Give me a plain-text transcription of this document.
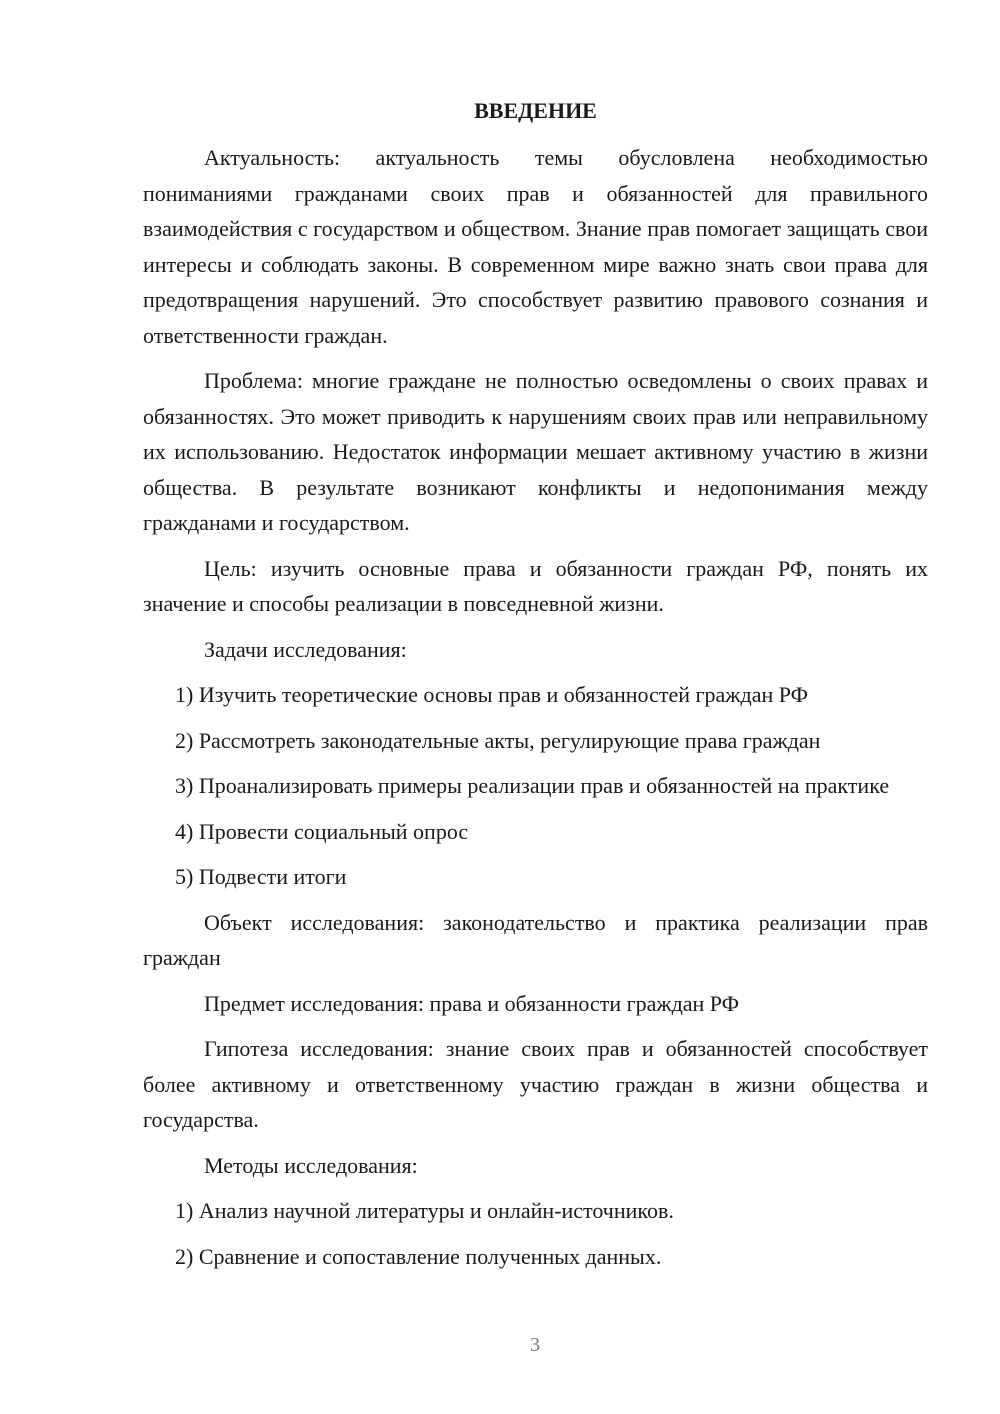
ВВЕДЕНИЕ

Актуальность: актуальность темы обусловлена необходимостью пониманиями гражданами своих прав и обязанностей для правильного взаимодействия с государством и обществом. Знание прав помогает защищать свои интересы и соблюдать законы. В современном мире важно знать свои права для предотвращения нарушений. Это способствует развитию правового сознания и ответственности граждан.

Проблема: многие граждане не полностью осведомлены о своих правах и обязанностях. Это может приводить к нарушениям своих прав или неправильному их использованию. Недостаток информации мешает активному участию в жизни общества. В результате возникают конфликты и недопонимания между гражданами и государством.

Цель: изучить основные права и обязанности граждан РФ, понять их значение и способы реализации в повседневной жизни.

Задачи исследования:

1) Изучить теоретические основы прав и обязанностей граждан РФ

2) Рассмотреть законодательные акты, регулирующие права граждан

3) Проанализировать примеры реализации прав и обязанностей на практике

4) Провести социальный опрос

5) Подвести итоги

Объект исследования: законодательство и практика реализации прав граждан

Предмет исследования: права и обязанности граждан РФ

Гипотеза исследования: знание своих прав и обязанностей способствует более активному и ответственному участию граждан в жизни общества и государства.

Методы исследования:

1) Анализ научной литературы и онлайн-источников.

2) Сравнение и сопоставление полученных данных.

3
